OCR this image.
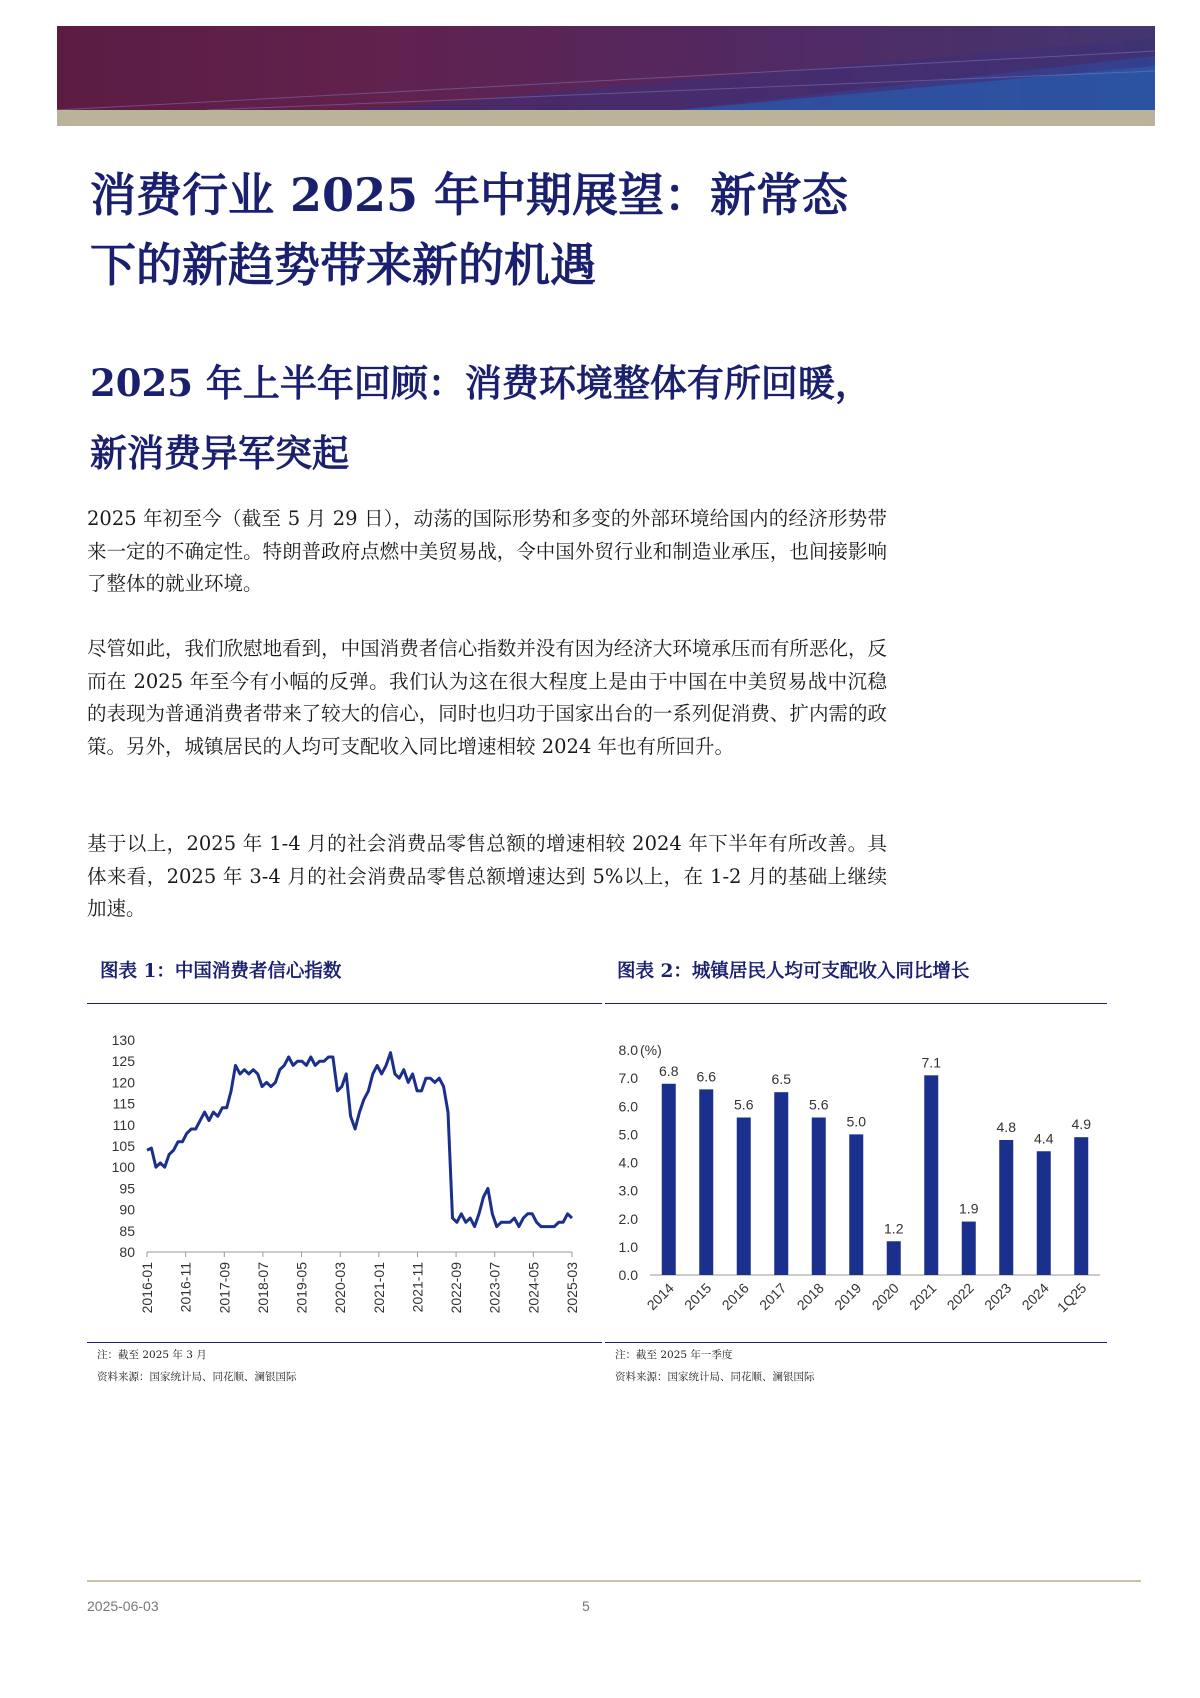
消费行业 2025 年中期展望：新常态下的新趋势带来新的机遇
2025 年上半年回顾：消费环境整体有所回暖，新消费异军突起

2025 年初至今（截至 5 月 29 日），动荡的国际形势和多变的外部环境给国内的经济形势带来一定的不确定性。特朗普政府点燃中美贸易战，令中国外贸行业和制造业承压，也间接影响了整体的就业环境。

尽管如此，我们欣慰地看到，中国消费者信心指数并没有因为经济大环境承压而有所恶化，反而在 2025 年至今有小幅的反弹。我们认为这在很大程度上是由于中国在中美贸易战中沉稳的表现为普通消费者带来了较大的信心，同时也归功于国家出台的一系列促消费、扩内需的政策。另外，城镇居民的人均可支配收入同比增速相较 2024 年也有所回升。

基于以上，2025 年 1-4 月的社会消费品零售总额的增速相较 2024 年下半年有所改善。具体来看，2025 年 3-4 月的社会消费品零售总额增速达到 5%以上，在 1-2 月的基础上继续加速。

图表 1：中国消费者信心指数
130
125
120
115
110
105
100
95
90
85
80
2016-01 2016-11 2017-09 2018-07 2019-05 2020-03 2021-01 2021-11 2022-09 2023-07 2024-05 2025-03
注：截至 2025 年 3 月
资料来源：国家统计局、同花顺、澜银国际
图表 2：城镇居民人均可支配收入同比增长
8.0
7.0
6.0
5.0
4.0
3.0
2.0
1.0
0.0
(%)
6.8
2014
6.6
2015
5.6
2016
6.5
2017
5.6
2018
5.0
2019
1.2
2020
7.1
2021
1.9
2022
4.8
2023
4.4
2024
4.9
1Q25
注：截至 2025 年一季度
资料来源：国家统计局、同花顺、澜银国际
2025-06-03	5
